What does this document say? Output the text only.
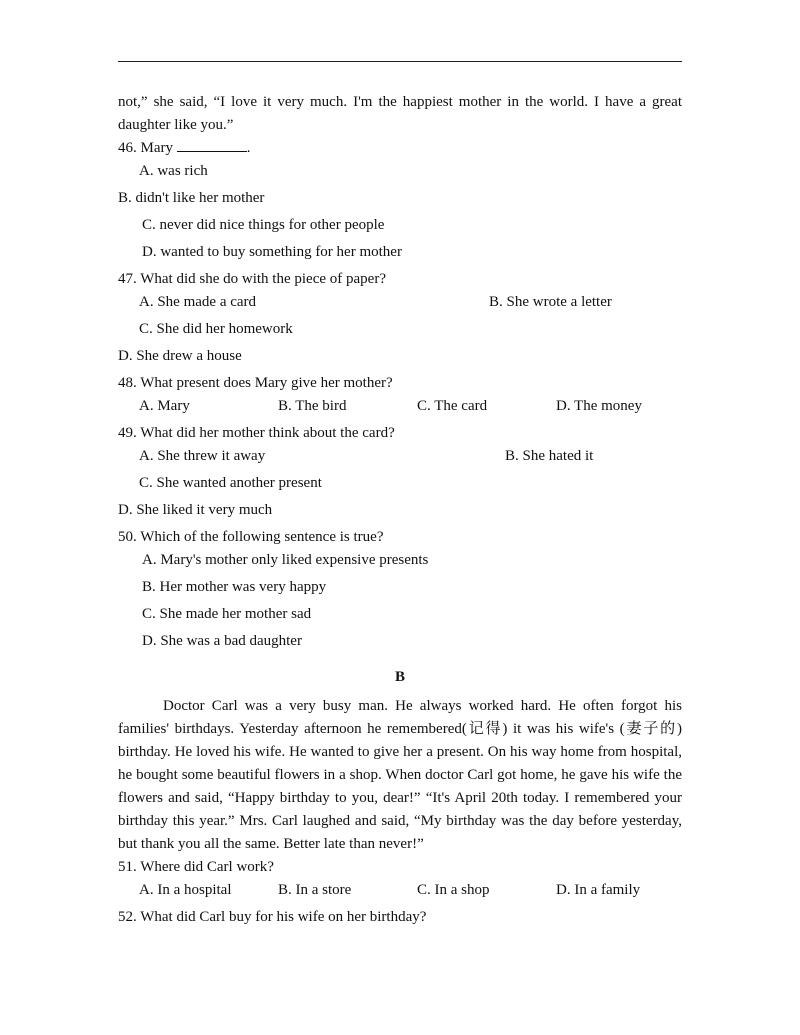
not,” she said, “I love it very much. I'm the happiest mother in the world. I have a great daughter like you.”

46. Mary	.
A. was rich
B. didn't like her mother
C. never did nice things for other people
D. wanted to buy something for her mother
47. What did she do with the piece of paper?
A. She made a card	B. She wrote a letter
C. She did her homework
D. She drew a house
48. What present does Mary give her mother?
A. Mary	B. The bird	C. The card	D. The money
49. What did her mother think about the card?
A. She threw it away	B. She hated it
C. She wanted another present
D. She liked it very much
50. Which of the following sentence is true?
A. Mary's mother only liked expensive presents
B. Her mother was very happy
C. She made her mother sad
D. She was a bad daughter
B

Doctor Carl was a very busy man. He always worked hard. He often forgot his families' birthdays. Yesterday afternoon he remembered(记得) it was his wife's (妻子的) birthday. He loved his wife. He wanted to give her a present. On his way home from hospital, he bought some beautiful flowers in a shop. When doctor Carl got home, he gave his wife the flowers and said, “Happy birthday to you, dear!” “It's April 20th today. I remembered your birthday this year.” Mrs. Carl laughed and said, “My birthday was the day before yesterday, but thank you all the same. Better late than never!”

51. Where did Carl work?
A. In a hospital	B. In a store	C. In a shop	D. In a family
52. What did Carl buy for his wife on her birthday?
